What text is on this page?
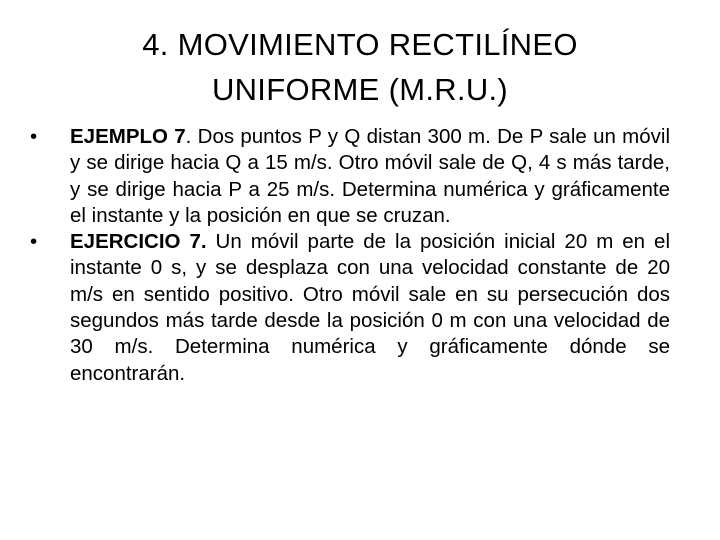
4. MOVIMIENTO RECTILÍNEO
UNIFORME (M.R.U.)
•	EJEMPLO 7. Dos puntos P y Q distan 300 m. De P sale un móvil y se dirige hacia Q a 15 m/s. Otro móvil sale de Q, 4 s más tarde, y se dirige hacia P a 25 m/s. Determina numérica y gráficamente el instante y la posición en que se cruzan.
•	EJERCICIO 7. Un móvil parte de la posición inicial 20 m en el instante 0 s, y se desplaza con una velocidad constante de 20 m/s en sentido positivo. Otro móvil sale en su persecución dos segundos más tarde desde la posición 0 m con una velocidad de 30 m/s. Determina numérica y gráficamente dónde se encontrarán.
